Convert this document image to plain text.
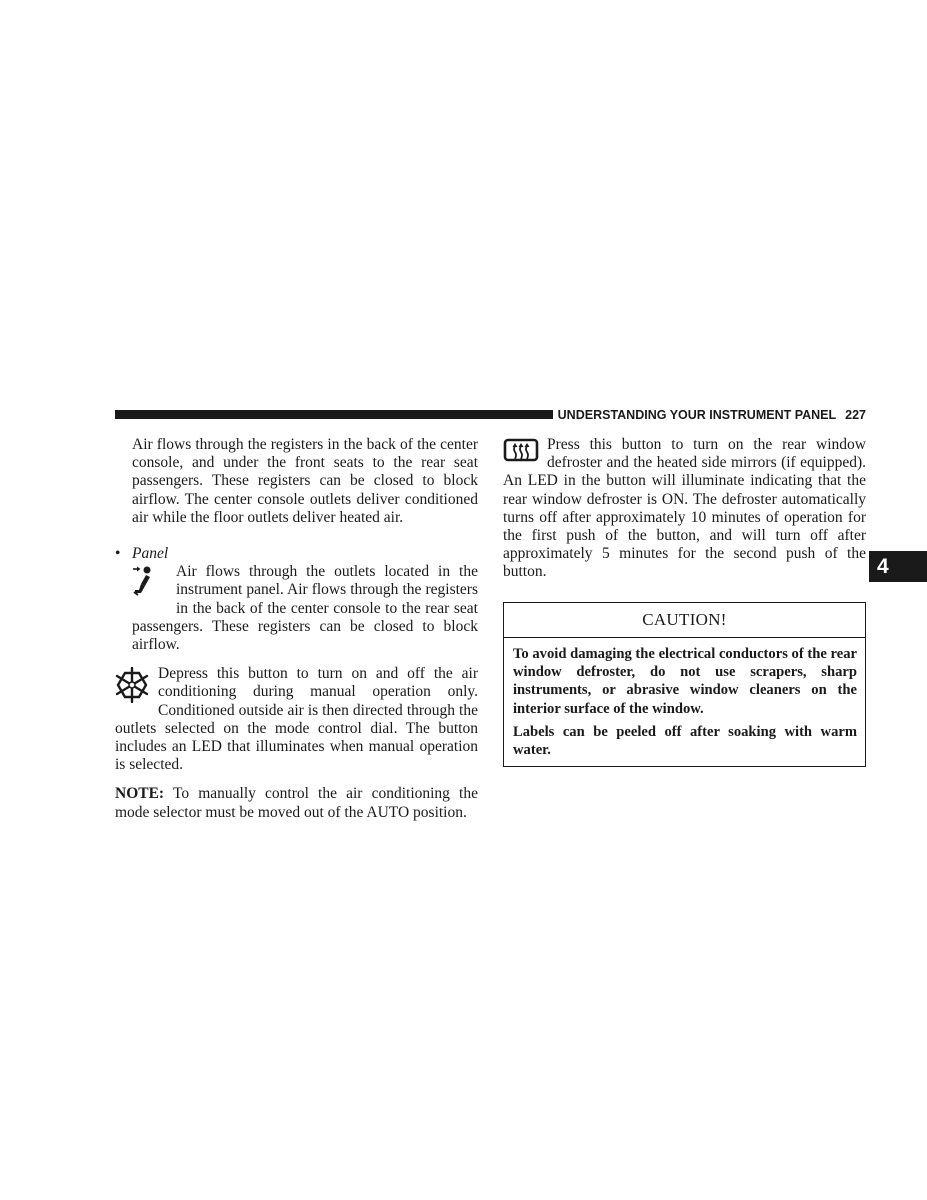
UNDERSTANDING YOUR INSTRUMENT PANEL 227
4

Air flows through the registers in the back of the center console, and under the front seats to the rear seat passengers. These registers can be closed to block airflow. The center console outlets deliver conditioned air while the floor outlets deliver heated air.

• Panel

Air flows through the outlets located in the instrument panel. Air flows through the registers in the back of the center console to the rear seat passengers. These registers can be closed to block airflow.

Depress this button to turn on and off the air conditioning during manual operation only. Conditioned outside air is then directed through the outlets selected on the mode control dial. The button includes an LED that illuminates when manual operation is selected.

NOTE: To manually control the air conditioning the mode selector must be moved out of the AUTO position.

Press this button to turn on the rear window defroster and the heated side mirrors (if equipped). An LED in the button will illuminate indicating that the rear window defroster is ON. The defroster automatically turns off after approximately 10 minutes of operation for the first push of the button, and will turn off after approximately 5 minutes for the second push of the button.

CAUTION!

To avoid damaging the electrical conductors of the rear window defroster, do not use scrapers, sharp instruments, or abrasive window cleaners on the interior surface of the window.

Labels can be peeled off after soaking with warm water.
